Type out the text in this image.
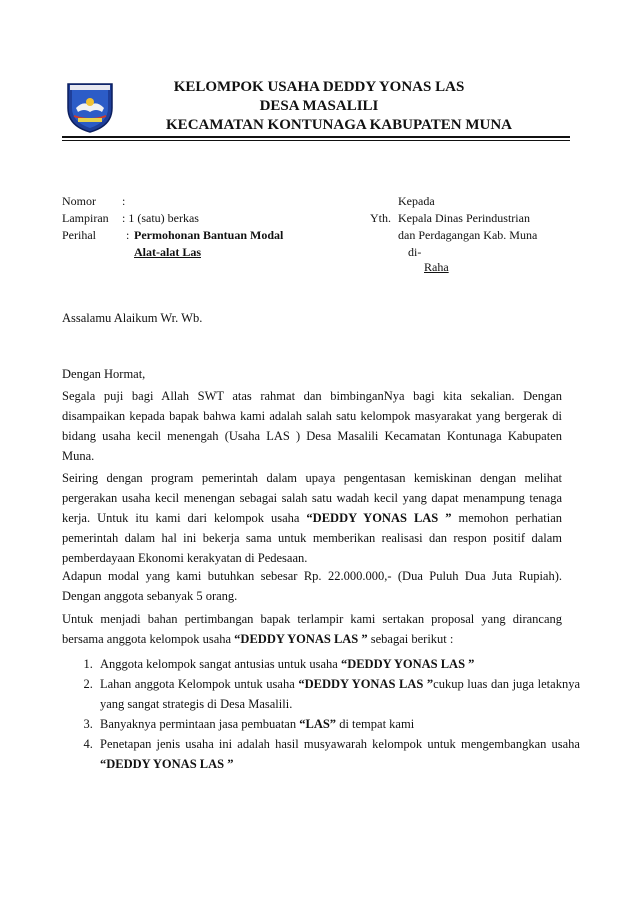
KELOMPOK USAHA DEDDY YONAS LAS
DESA MASALILI
KECAMATAN KONTUNAGA KABUPATEN MUNA
Nomor :
Lampiran : 1 (satu) berkas
Perihal	: Permohonan Bantuan Modal
Alat-alat Las
Kepada
Yth. Kepala Dinas Perindustrian
dan Perdagangan Kab. Muna
di-
Raha
Assalamu Alaikum Wr. Wb.
Dengan Hormat,

Segala puji bagi Allah SWT atas rahmat dan bimbinganNya bagi kita sekalian. Dengan disampaikan kepada bapak bahwa kami adalah salah satu kelompok masyarakat yang bergerak di bidang usaha kecil menengah (Usaha LAS ) Desa Masalili Kecamatan Kontunaga Kabupaten Muna.

Seiring dengan program pemerintah dalam upaya pengentasan kemiskinan dengan melihat pergerakan usaha kecil menengan sebagai salah satu wadah kecil yang dapat menampung tenaga kerja. Untuk itu kami dari kelompok usaha “DEDDY YONAS LAS ” memohon perhatian pemerintah dalam hal ini bekerja sama untuk memberikan realisasi dan respon positif dalam pemberdayaan Ekonomi kerakyatan di Pedesaan.

Adapun modal yang kami butuhkan sebesar Rp. 22.000.000,- (Dua Puluh Dua Juta Rupiah). Dengan anggota sebanyak 5 orang.

Untuk menjadi bahan pertimbangan bapak terlampir kami sertakan proposal yang dirancang bersama anggota kelompok usaha “DEDDY YONAS LAS ” sebagai berikut :

1. Anggota kelompok sangat antusias untuk usaha “DEDDY YONAS LAS ”
2. Lahan anggota Kelompok untuk usaha “DEDDY YONAS LAS ”cukup luas dan juga letaknya yang sangat strategis di Desa Masalili.
3. Banyaknya permintaan jasa pembuatan “LAS” di tempat kami
4. Penetapan jenis usaha ini adalah hasil musyawarah kelompok untuk mengembangkan usaha “DEDDY YONAS LAS ”
